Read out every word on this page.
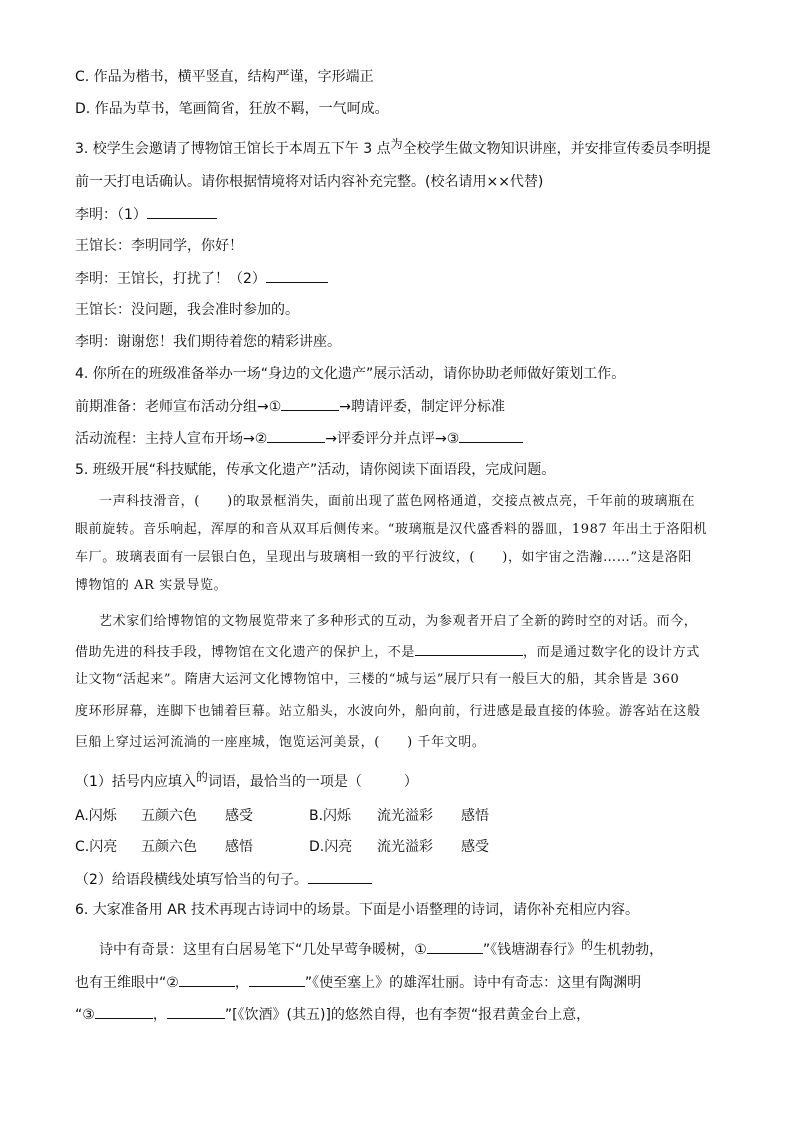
C. 作品为楷书，横平竖直，结构严谨，字形端正
D. 作品为草书，笔画简省，狂放不羁，一气呵成。
3. 校学生会邀请了博物馆王馆长于本周五下午 3 点为全校学生做文物知识讲座，并安排宣传委员李明提
前一天打电话确认。请你根据情境将对话内容补充完整。(校名请用××代替)
李明：（1）
王馆长：李明同学，你好！
李明：王馆长，打扰了！（2）
王馆长：没问题，我会准时参加的。
李明：谢谢您！我们期待着您的精彩讲座。
4. 你所在的班级准备举办一场“身边的文化遗产”展示活动，请你协助老师做好策划工作。
前期准备：老师宣布活动分组→①	→聘请评委，制定评分标准
活动流程：主持人宣布开场→②	→评委评分并点评→③
5. 班级开展“科技赋能，传承文化遗产”活动，请你阅读下面语段，完成问题。
一声科技滑音，(　　)的取景框消失，面前出现了蓝色网格通道，交接点被点亮，千年前的玻璃瓶在
眼前旋转。音乐响起，浑厚的和音从双耳后侧传来。“玻璃瓶是汉代盛香料的器皿，1987 年出土于洛阳机
车厂。玻璃表面有一层银白色，呈现出与玻璃相一致的平行波纹，(　　)，如宇宙之浩瀚……”这是洛阳
博物馆的 AR 实景导览。
艺术家们给博物馆的文物展览带来了多种形式的互动，为参观者开启了全新的跨时空的对话。而今，
借助先进的科技手段，博物馆在文化遗产的保护上，不是	，而是通过数字化的设计方式
让文物“活起来”。隋唐大运河文化博物馆中，三楼的“城与运”展厅只有一般巨大的船，其余皆是 360
度环形屏幕，连脚下也铺着巨幕。站立船头，水波向外，船向前，行进感是最直接的体验。游客站在这般
巨船上穿过运河流淌的一座座城，饱览运河美景，(　　) 千年文明。
（1）括号内应填入的词语，最恰当的一项是（　　　）
A.闪烁 五颜六色 感受	B.闪烁 流光溢彩 感悟
C.闪亮 五颜六色 感悟	D.闪亮 流光溢彩 感受
（2）给语段横线处填写恰当的句子。
6. 大家准备用 AR 技术再现古诗词中的场景。下面是小语整理的诗词，请你补充相应内容。
诗中有奇景：这里有白居易笔下“几处早莺争暖树，①	”《钱塘湖春行》的生机勃勃，
也有王维眼中“②	，	”《使至塞上》的雄浑壮丽。诗中有奇志：这里有陶渊明
“③	，	”[《饮酒》(其五)]的悠然自得，也有李贺“报君黄金台上意，
